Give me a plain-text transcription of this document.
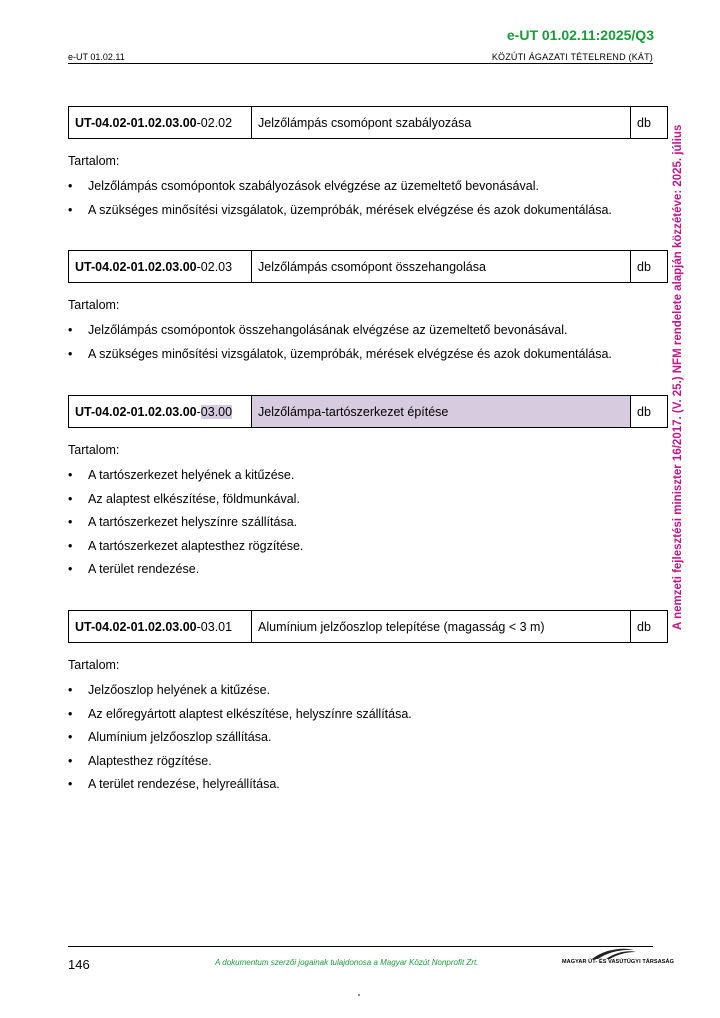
e-UT 01.02.11:2025/Q3
e-UT 01.02.11	KÖZÚTI ÁGAZATI TÉTELREND (KÁT)
A nemzeti fejlesztési miniszter 16/2017. (V. 25.) NFM rendelete alapján közzétéve: 2025. július
UT-04.02-01.02.03.00 -02.02	Jelzőlámpás csomópont szabályozása	db
Tartalom:
• Jelzőlámpás csomópontok szabályozások elvégzése az üzemeltető bevonásával.
• A szükséges minősítési vizsgálatok, üzempróbák, mérések elvégzése és azok dokumentálása.
UT-04.02-01.02.03.00 -02.03	Jelzőlámpás csomópont összehangolása	db
Tartalom:
• Jelzőlámpás csomópontok összehangolásának elvégzése az üzemeltető bevonásával.
• A szükséges minősítési vizsgálatok, üzempróbák, mérések elvégzése és azok dokumentálása.
UT-04.02-01.02.03.00 - 03.00	Jelzőlámpa-tartószerkezet építése	db
Tartalom:
• A tartószerkezet helyének a kitűzése.
• Az alaptest elkészítése, földmunkával.
• A tartószerkezet helyszínre szállítása.
• A tartószerkezet alaptesthez rögzítése.
• A terület rendezése.
UT-04.02-01.02.03.00 -03.01	Alumínium jelzőoszlop telepítése (magasság < 3 m)	db
Tartalom:
• Jelzőoszlop helyének a kitűzése.
• Az előregyártott alaptest elkészítése, helyszínre szállítása.
• Alumínium jelzőoszlop szállítása.
• Alaptesthez rögzítése.
• A terület rendezése, helyreállítása.
146	A dokumentum szerzői jogainak tulajdonosa a Magyar Közút Nonprofit Zrt.	MAGYAR ÚT- ÉS VASÚTÜGYI TÁRSASÁG
